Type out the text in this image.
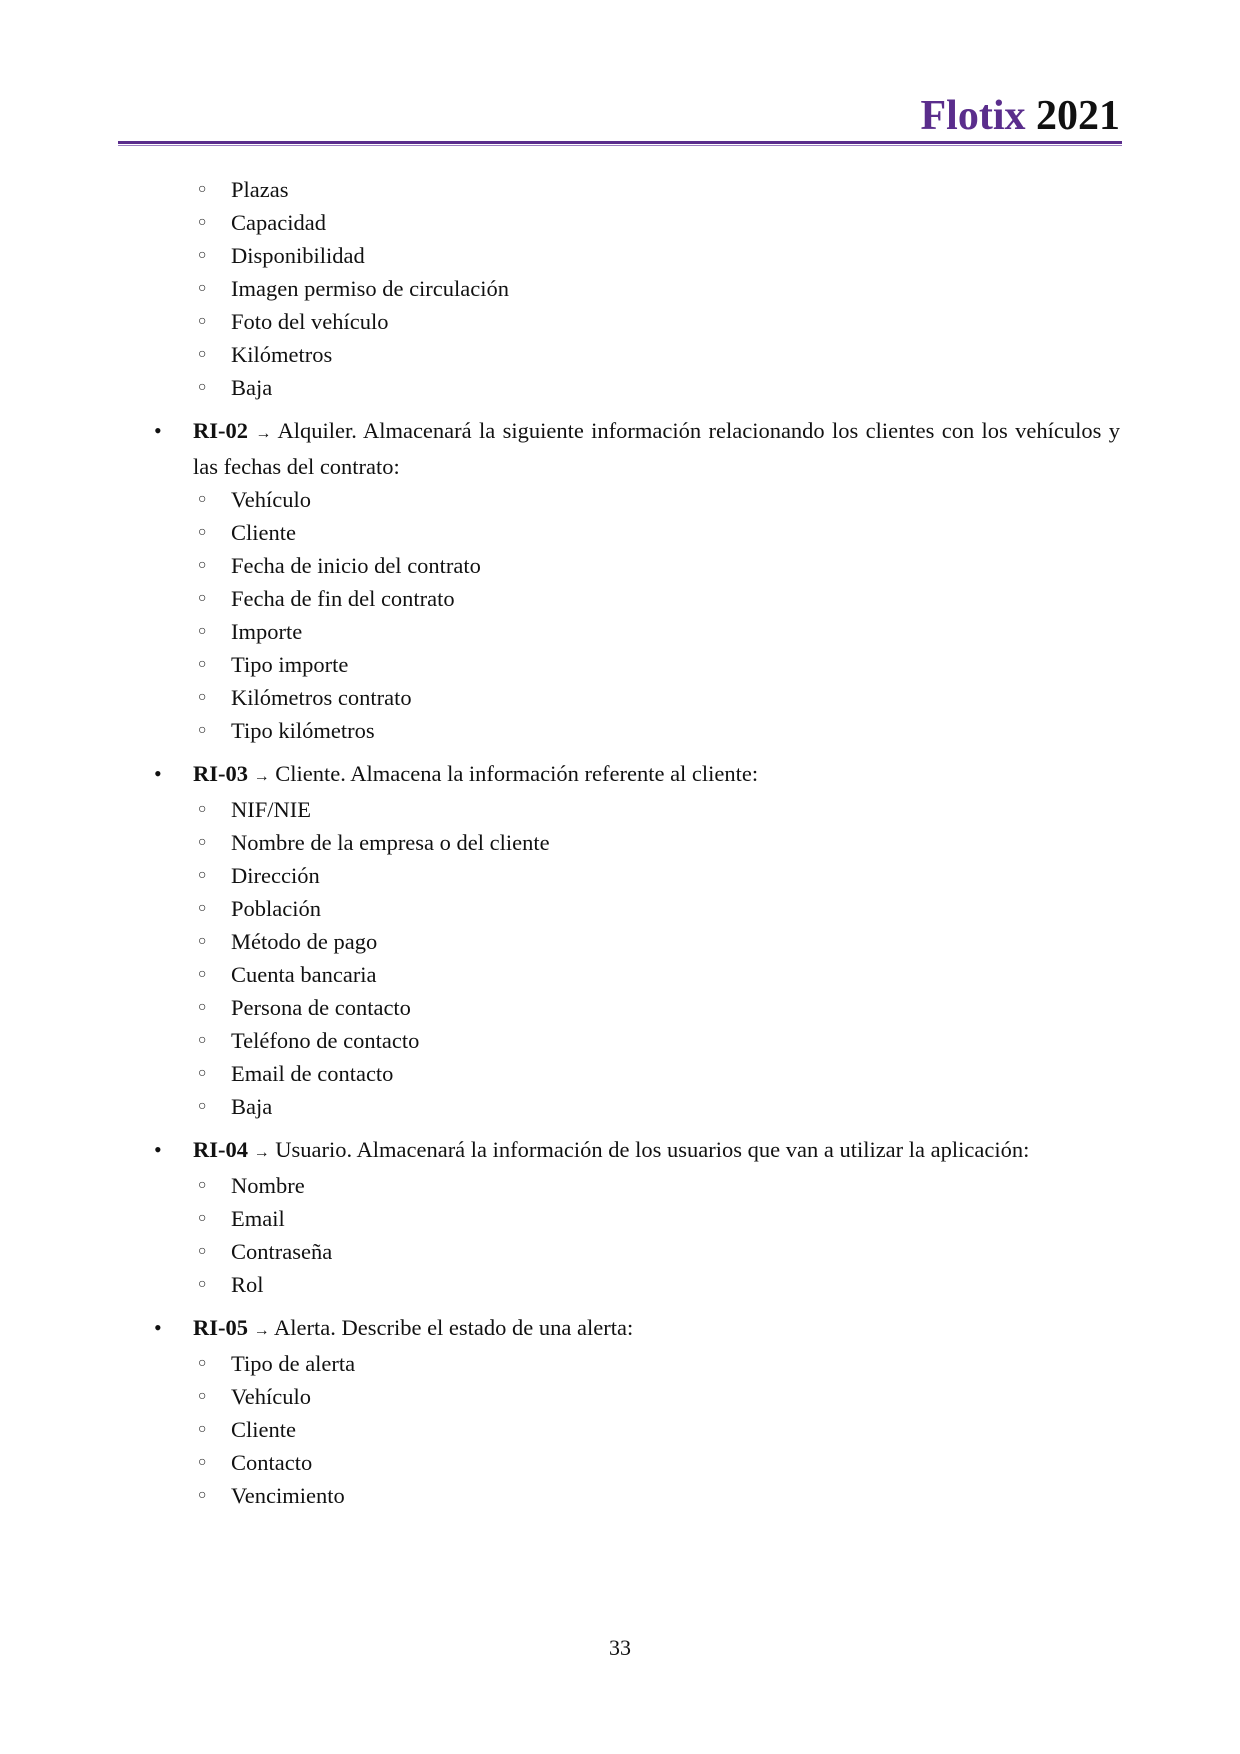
Flotix 2021
○ Plazas
○ Capacidad
○ Disponibilidad
○ Imagen permiso de circulación
○ Foto del vehículo
○ Kilómetros
○ Baja
• RI-02 → Alquiler. Almacenará la siguiente información relacionando los clientes con los vehículos y las fechas del contrato:
○ Vehículo
○ Cliente
○ Fecha de inicio del contrato
○ Fecha de fin del contrato
○ Importe
○ Tipo importe
○ Kilómetros contrato
○ Tipo kilómetros
• RI-03 → Cliente. Almacena la información referente al cliente:
○ NIF/NIE
○ Nombre de la empresa o del cliente
○ Dirección
○ Población
○ Método de pago
○ Cuenta bancaria
○ Persona de contacto
○ Teléfono de contacto
○ Email de contacto
○ Baja
• RI-04 → Usuario. Almacenará la información de los usuarios que van a utilizar la aplicación:
○ Nombre
○ Email
○ Contraseña
○ Rol
• RI-05 → Alerta. Describe el estado de una alerta:
○ Tipo de alerta
○ Vehículo
○ Cliente
○ Contacto
○ Vencimiento
33
